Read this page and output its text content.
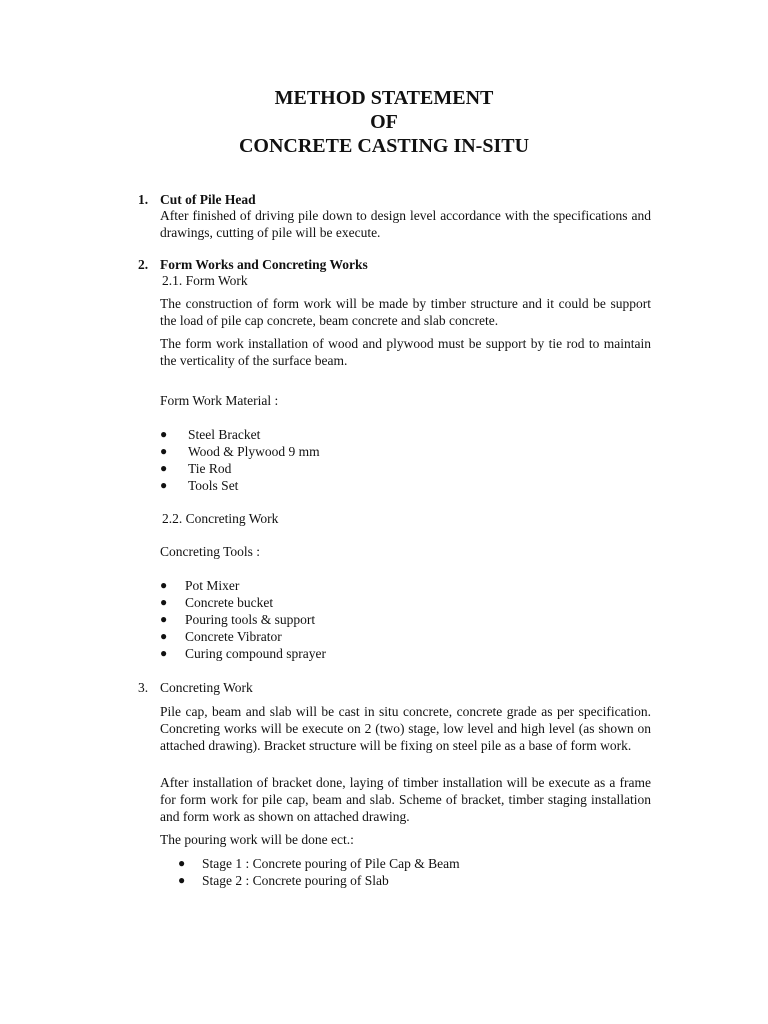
METHOD STATEMENT
OF
CONCRETE CASTING IN-SITU
1. Cut of Pile Head
After finished of driving pile down to design level accordance with the specifications and drawings, cutting of pile will be execute.
2. Form Works and Concreting Works
2.1. Form Work
The construction of form work will be made by timber structure and it could be support the load of pile cap concrete, beam concrete and slab concrete.
The form work installation of wood and plywood must be support by tie rod to maintain the verticality of the surface beam.
Form Work Material :
● Steel Bracket
● Wood & Plywood 9 mm
● Tie Rod
● Tools Set
2.2. Concreting Work
Concreting Tools :
● Pot Mixer
● Concrete bucket
● Pouring tools & support
● Concrete Vibrator
● Curing compound sprayer
3. Concreting Work
Pile cap, beam and slab will be cast in situ concrete, concrete grade as per specification. Concreting works will be execute on 2 (two) stage, low level and high level (as shown on attached drawing). Bracket structure will be fixing on steel pile as a base of form work.
After installation of bracket done, laying of timber installation will be execute as a frame for form work for pile cap, beam and slab. Scheme of bracket, timber staging installation and form work as shown on attached drawing.
The pouring work will be done ect.:
● Stage 1 : Concrete pouring of Pile Cap & Beam
● Stage 2 : Concrete pouring of Slab
